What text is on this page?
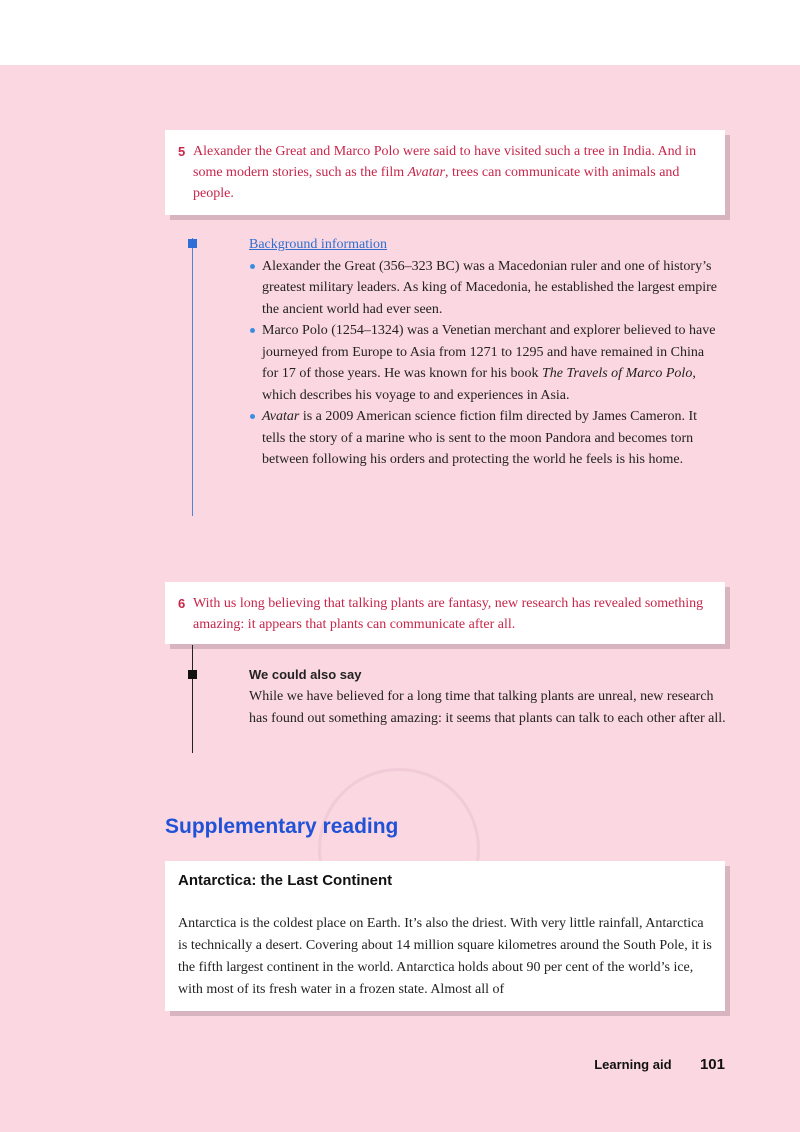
5 Alexander the Great and Marco Polo were said to have visited such a tree in India. And in some modern stories, such as the film Avatar, trees can communicate with animals and people.

Background information
Alexander the Great (356–323 BC) was a Macedonian ruler and one of history’s greatest military leaders. As king of Macedonia, he established the largest empire the ancient world had ever seen.
Marco Polo (1254–1324) was a Venetian merchant and explorer believed to have journeyed from Europe to Asia from 1271 to 1295 and have remained in China for 17 of those years. He was known for his book The Travels of Marco Polo, which describes his voyage to and experiences in Asia.
Avatar is a 2009 American science fiction film directed by James Cameron. It tells the story of a marine who is sent to the moon Pandora and becomes torn between following his orders and protecting the world he feels is his home.
6 With us long believing that talking plants are fantasy, new research has revealed something amazing: it appears that plants can communicate after all.

We could also say

While we have believed for a long time that talking plants are unreal, new research has found out something amazing: it seems that plants can talk to each other after all.

Supplementary reading
Antarctica: the Last Continent

Antarctica is the coldest place on Earth. It’s also the driest. With very little rainfall, Antarctica is technically a desert. Covering about 14 million square kilometres around the South Pole, it is the fifth largest continent in the world. Antarctica holds about 90 per cent of the world’s ice, with most of its fresh water in a frozen state. Almost all of

Learning aid 101
